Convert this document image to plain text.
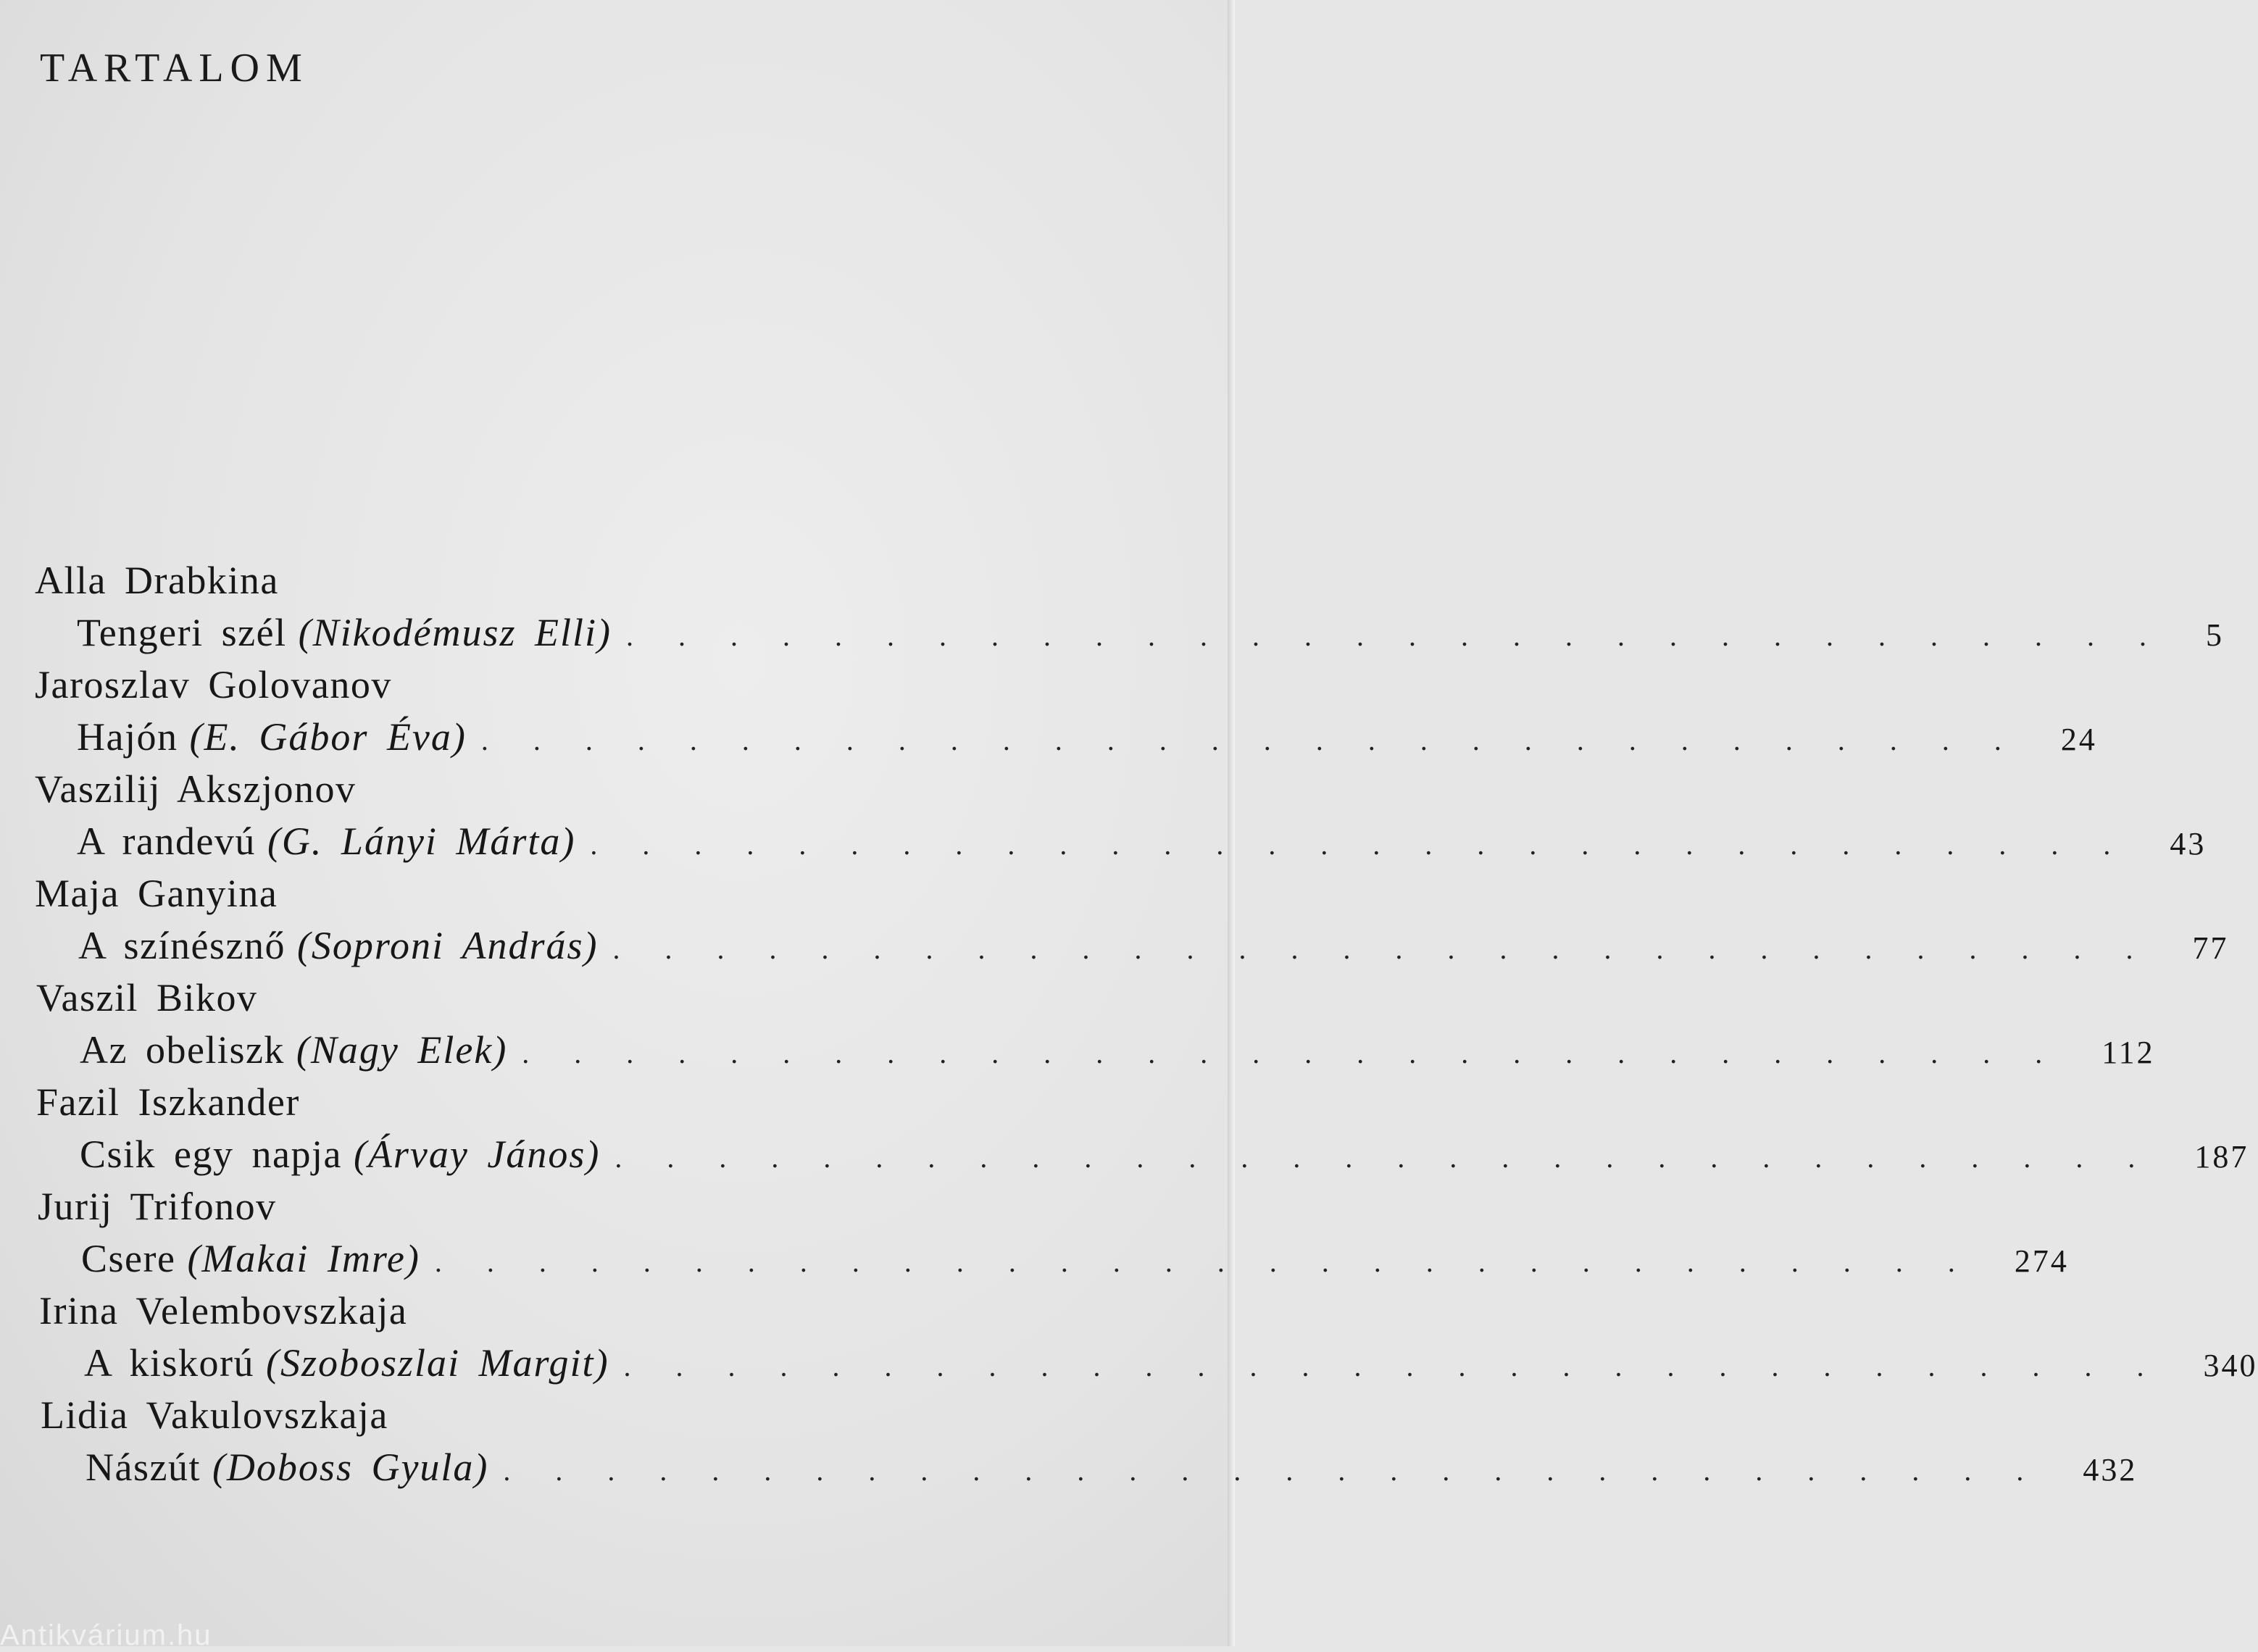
TARTALOM
Alla Drabkina
Tengeri szél (Nikodémusz Elli) .............................. 5
Jaroszlav Golovanov
Hajón (E. Gábor Éva) .............................. 24
Vaszilij Akszjonov
A randevú (G. Lányi Márta) .............................. 43
Maja Ganyina
A színésznő (Soproni András) .............................. 77
Vaszil Bikov
Az obeliszk (Nagy Elek) .............................. 112
Fazil Iszkander
Csik egy napja (Árvay János) .............................. 187
Jurij Trifonov
Csere (Makai Imre) .............................. 274
Irina Velembovszkaja
A kiskorú (Szoboszlai Margit) .............................. 340
Lidia Vakulovszkaja
Nászút (Doboss Gyula) .............................. 432
Antikvárium.hu
